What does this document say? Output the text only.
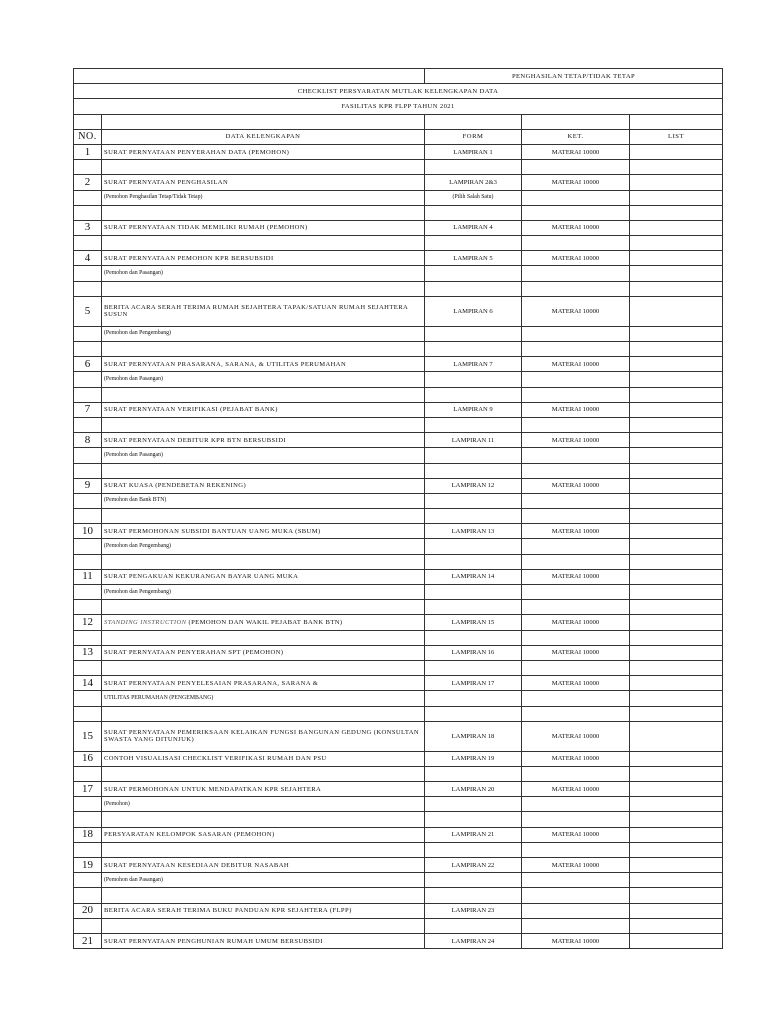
		PENGHASILAN TETAP/TIDAK TETAP		
CHECKLIST PERSYARATAN MUTLAK KELENGKAPAN DATA				
FASILITAS KPR FLPP TAHUN 2021				

NO.	DATA KELENGKAPAN	FORM	KET.	LIST
1	SURAT PERNYATAAN PENYERAHAN DATA (PEMOHON)	LAMPIRAN 1	MATERAI 10000	

2	SURAT PERNYATAAN PENGHASILAN	LAMPIRAN 2&3	MATERAI 10000	
	(Pemohon Penghasilan Tetap/Tidak Tetap)	(Pilih Salah Satu)		

3	SURAT PERNYATAAN TIDAK MEMILIKI RUMAH (PEMOHON)	LAMPIRAN 4	MATERAI 10000	

4	SURAT PERNYATAAN PEMOHON KPR BERSUBSIDI	LAMPIRAN 5	MATERAI 10000	
	(Pemohon dan Pasangan)			

5	BERITA ACARA SERAH TERIMA RUMAH SEJAHTERA TAPAK/SATUAN RUMAH SEJAHTERA SUSUN	LAMPIRAN 6	MATERAI 10000	
	(Pemohon dan Pengembang)			

6	SURAT PERNYATAAN PRASARANA, SARANA, & UTILITAS PERUMAHAN	LAMPIRAN 7	MATERAI 10000	
	(Pemohon dan Pasangan)			

7	SURAT PERNYATAAN VERIFIKASI (PEJABAT BANK)	LAMPIRAN 9	MATERAI 10000	

8	SURAT PERNYATAAN DEBITUR KPR BTN BERSUBSIDI	LAMPIRAN 11	MATERAI 10000	
	(Pemohon dan Pasangan)			

9	SURAT KUASA (PENDEBETAN REKENING)	LAMPIRAN 12	MATERAI 10000	
	(Pemohon dan Bank BTN)			

10	SURAT PERMOHONAN SUBSIDI BANTUAN UANG MUKA (SBUM)	LAMPIRAN 13	MATERAI 10000	
	(Pemohon dan Pengembang)			

11	SURAT PENGAKUAN KEKURANGAN BAYAR UANG MUKA	LAMPIRAN 14	MATERAI 10000	
	(Pemohon dan Pengembang)			

12	STANDING INSTRUCTION (PEMOHON DAN WAKIL PEJABAT BANK BTN)	LAMPIRAN 15	MATERAI 10000	

13	SURAT PERNYATAAN PENYERAHAN SPT (PEMOHON)	LAMPIRAN 16	MATERAI 10000	

14	SURAT PERNYATAAN PENYELESAIAN PRASARANA, SARANA &	LAMPIRAN 17	MATERAI 10000	
	UTILITAS PERUMAHAN (PENGEMBANG)			

15	SURAT PERNYATAAN PEMERIKSAAN KELAIKAN FUNGSI BANGUNAN GEDUNG (KONSULTAN SWASTA YANG DITUNJUK)	LAMPIRAN 18	MATERAI 10000	
16	CONTOH VISUALISASI CHECKLIST VERIFIKASI RUMAH DAN PSU	LAMPIRAN 19	MATERAI 10000	

17	SURAT PERMOHONAN UNTUK MENDAPATKAN KPR SEJAHTERA	LAMPIRAN 20	MATERAI 10000	
	(Pemohon)			

18	PERSYARATAN KELOMPOK SASARAN (PEMOHON)	LAMPIRAN 21	MATERAI 10000	

19	SURAT PERNYATAAN KESEDIAAN DEBITUR NASABAH	LAMPIRAN 22	MATERAI 10000	
	(Pemohon dan Pasangan)			

20	BERITA ACARA SERAH TERIMA BUKU PANDUAN KPR SEJAHTERA (FLPP)	LAMPIRAN 23		

21	SURAT PERNYATAAN PENGHUNIAN RUMAH UMUM BERSUBSIDI	LAMPIRAN 24	MATERAI 10000	
